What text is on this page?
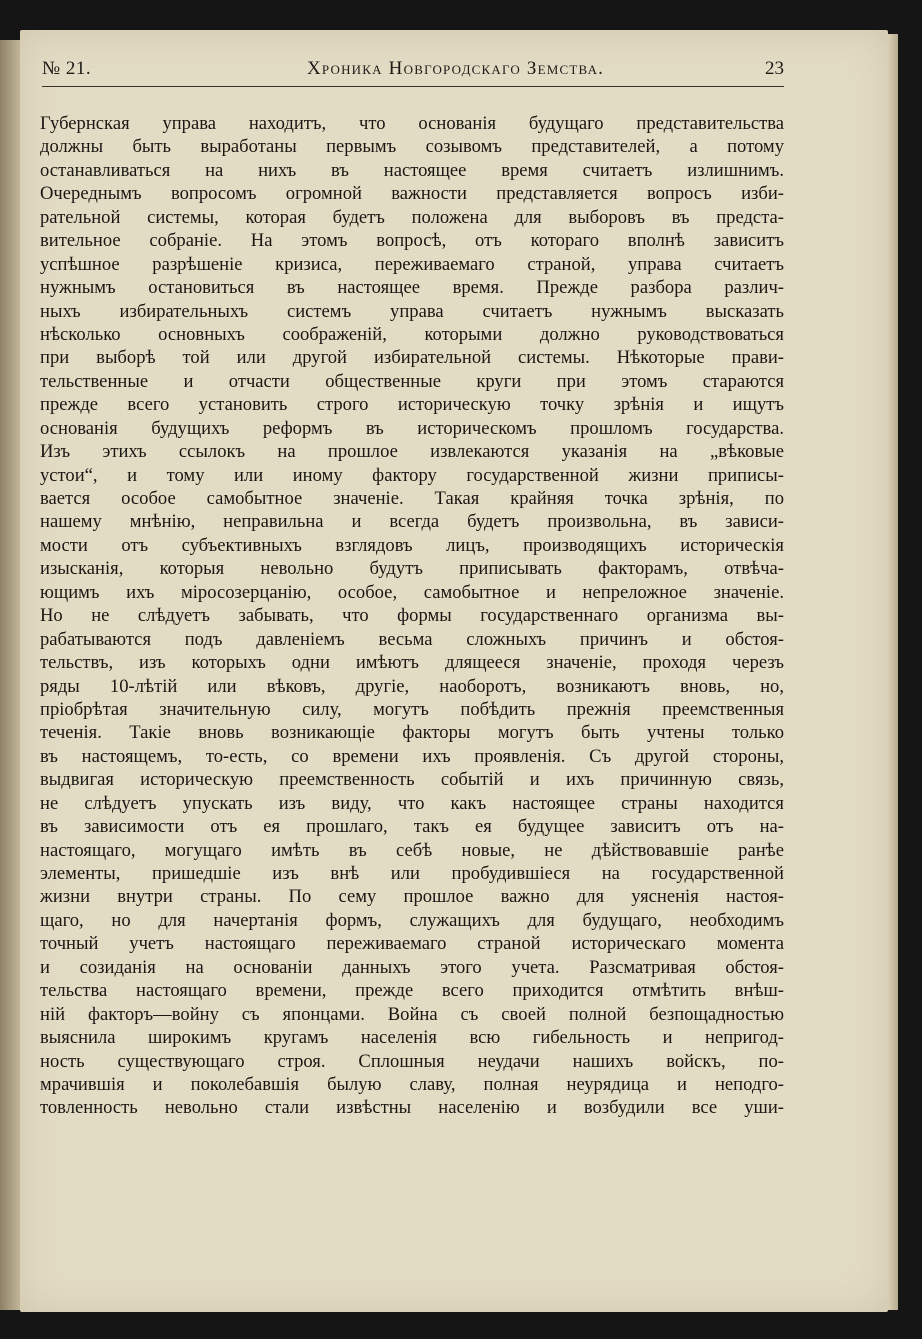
№ 21.	Хроника Новгородскаго Земства.	23
Губернская управа находитъ, что основанія будущаго представительства
должны быть выработаны первымъ созывомъ представителей, а потому
останавливаться на нихъ въ настоящее время считаетъ излишнимъ.
Очереднымъ вопросомъ огромной важности представляется вопросъ изби-
рательной системы, которая будетъ положена для выборовъ въ предста-
вительное собраніе. На этомъ вопросѣ, отъ котораго вполнѣ зависитъ
успѣшное разрѣшеніе кризиса, переживаемаго страной, управа считаетъ
нужнымъ остановиться въ настоящее время. Прежде разбора различ-
ныхъ избирательныхъ системъ управа считаетъ нужнымъ высказать
нѣсколько основныхъ соображеній, которыми должно руководствоваться
при выборѣ той или другой избирательной системы. Нѣкоторые прави-
тельственные и отчасти общественные круги при этомъ стараются
прежде всего установить строго историческую точку зрѣнія и ищутъ
основанія будущихъ реформъ въ историческомъ прошломъ государства.
Изъ этихъ ссылокъ на прошлое извлекаются указанія на „вѣковые
устои“, и тому или иному фактору государственной жизни приписы-
вается особое самобытное значеніе. Такая крайняя точка зрѣнія, по
нашему мнѣнію, неправильна и всегда будетъ произвольна, въ зависи-
мости отъ субъективныхъ взглядовъ лицъ, производящихъ историческія
изысканія, которыя невольно будутъ приписывать факторамъ, отвѣча-
ющимъ ихъ міросозерцанію, особое, самобытное и непреложное значеніе.
Но не слѣдуетъ забывать, что формы государственнаго организма вы-
рабатываются подъ давленіемъ весьма сложныхъ причинъ и обстоя-
тельствъ, изъ которыхъ одни имѣютъ длящееся значеніе, проходя черезъ
ряды 10-лѣтій или вѣковъ, другіе, наоборотъ, возникаютъ вновь, но,
пріобрѣтая значительную силу, могутъ побѣдить прежнія преемственныя
теченія. Такіе вновь возникающіе факторы могутъ быть учтены только
въ настоящемъ, то-есть, со времени ихъ проявленія. Съ другой стороны,
выдвигая историческую преемственность событій и ихъ причинную связь,
не слѣдуетъ упускать изъ виду, что какъ настоящее страны находится
въ зависимости отъ ея прошлаго, такъ ея будущее зависитъ отъ на-
настоящаго, могущаго имѣть въ себѣ новые, не дѣйствовавшіе ранѣе
элементы, пришедшіе изъ внѣ или пробудившіеся на государственной
жизни внутри страны. По сему прошлое важно для уясненія настоя-
щаго, но для начертанія формъ, служащихъ для будущаго, необходимъ
точный учетъ настоящаго переживаемаго страной историческаго момента
и созиданія на основаніи данныхъ этого учета. Разсматривая обстоя-
тельства настоящаго времени, прежде всего приходится отмѣтить внѣш-
ній факторъ—войну съ японцами. Война съ своей полной безпощадностью
выяснила широкимъ кругамъ населенія всю гибельность и непригод-
ность существующаго строя. Сплошныя неудачи нашихъ войскъ, по-
мрачившія и поколебавшія былую славу, полная неурядица и неподго-
товленность невольно стали извѣстны населенію и возбудили все уши-
